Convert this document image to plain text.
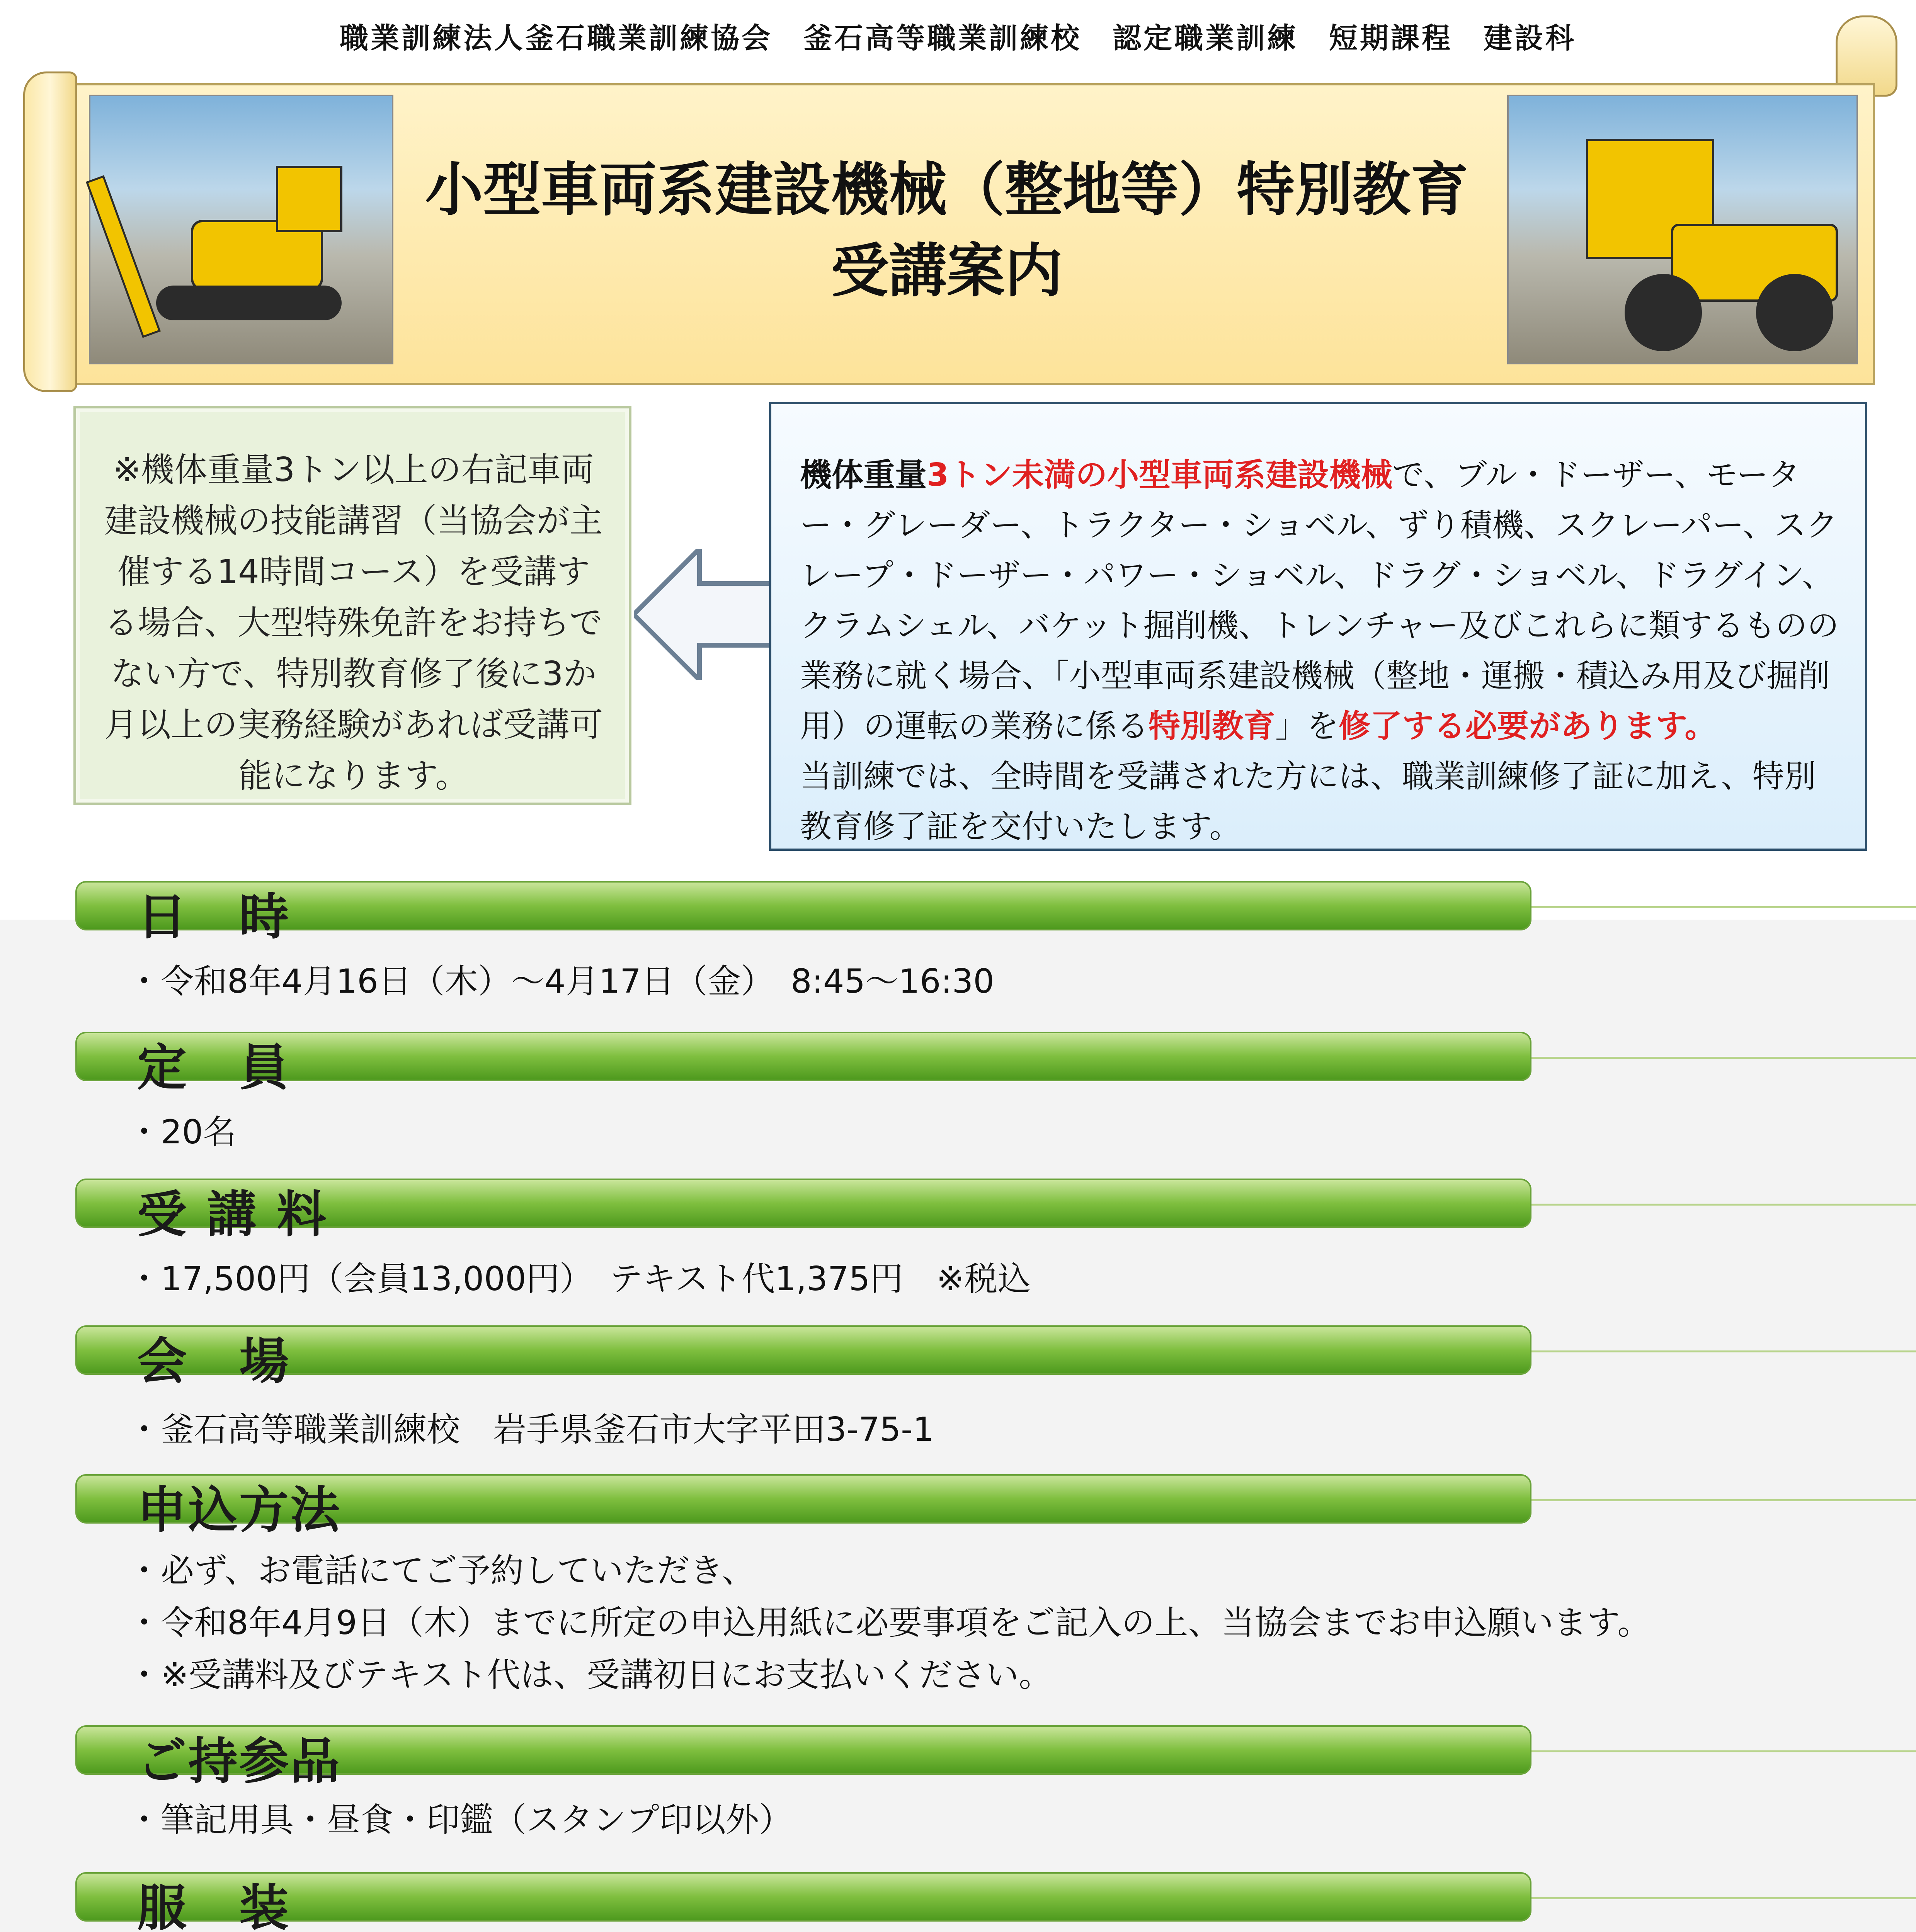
職業訓練法人釜石職業訓練協会　釜石高等職業訓練校　認定職業訓練　短期課程　建設科
小型車両系建設機械（整地等）特別教育
受講案内
※機体重量3トン以上の右記車両建設機械の技能講習（当協会が主催する14時間コース）を受講する場合、大型特殊免許をお持ちでない方で、特別教育修了後に3か月以上の実務経験があれば受講可能になります。
機体重量3トン未満の小型車両系建設機械で、ブル・ドーザー、モーター・グレーダー、トラクター・ショベル、ずり積機、スクレーパー、スクレープ・ドーザー・パワー・ショベル、ドラグ・ショベル、ドラグイン、クラムシェル、バケット掘削機、トレンチャー及びこれらに類するものの業務に就く場合、「小型車両系建設機械（整地・運搬・積込み用及び掘削用）の運転の業務に係る特別教育」を修了する必要があります。
当訓練では、全時間を受講された方には、職業訓練修了証に加え、特別教育修了証を交付いたします。
日　時
・令和8年4月16日（木）～4月17日（金）　8:45～16:30
定　員
・20名
受 講 料
・17,500円（会員13,000円）　テキスト代1,375円　※税込
会　場
・釜石高等職業訓練校　岩手県釜石市大字平田3-75-1
申込方法
・必ず、お電話にてご予約していただき、
・令和8年4月9日（木）までに所定の申込用紙に必要事項をご記入の上、当協会までお申込願います。
・※受講料及びテキスト代は、受講初日にお支払いください。
ご持参品
・筆記用具・昼食・印鑑（スタンプ印以外）
服　装
